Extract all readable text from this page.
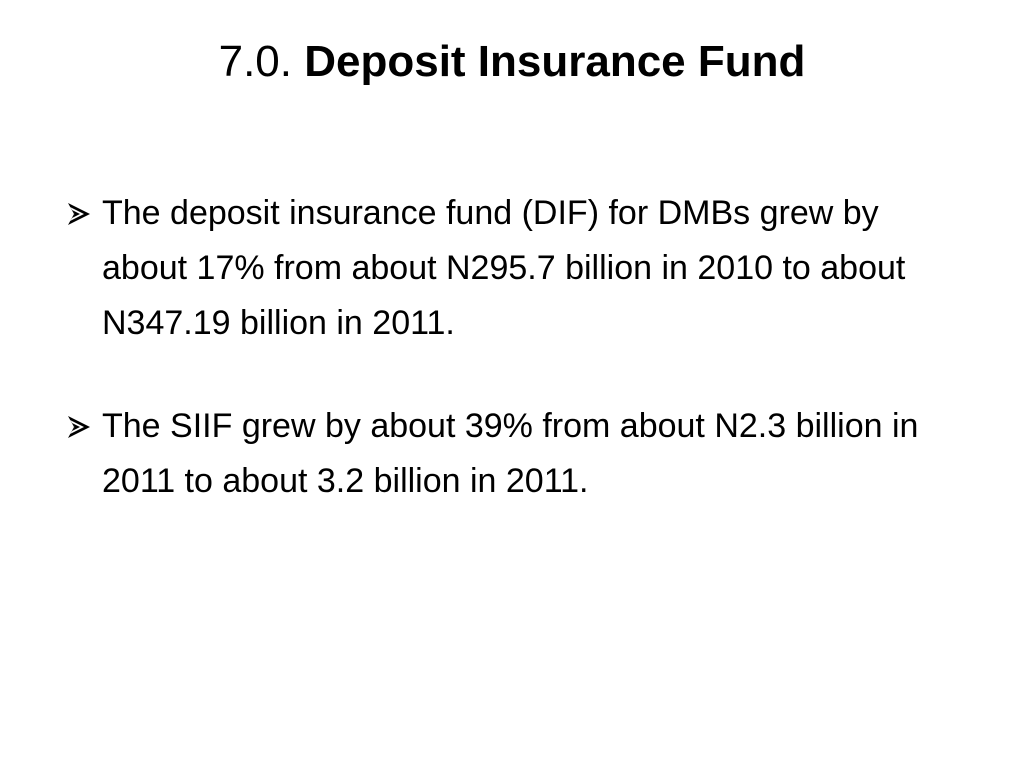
7.0. Deposit Insurance Fund
The deposit insurance fund (DIF) for DMBs grew by about 17% from about N295.7 billion in 2010 to about N347.19 billion in 2011.
The SIIF grew by about 39% from about N2.3 billion in 2011 to about 3.2 billion in 2011.
